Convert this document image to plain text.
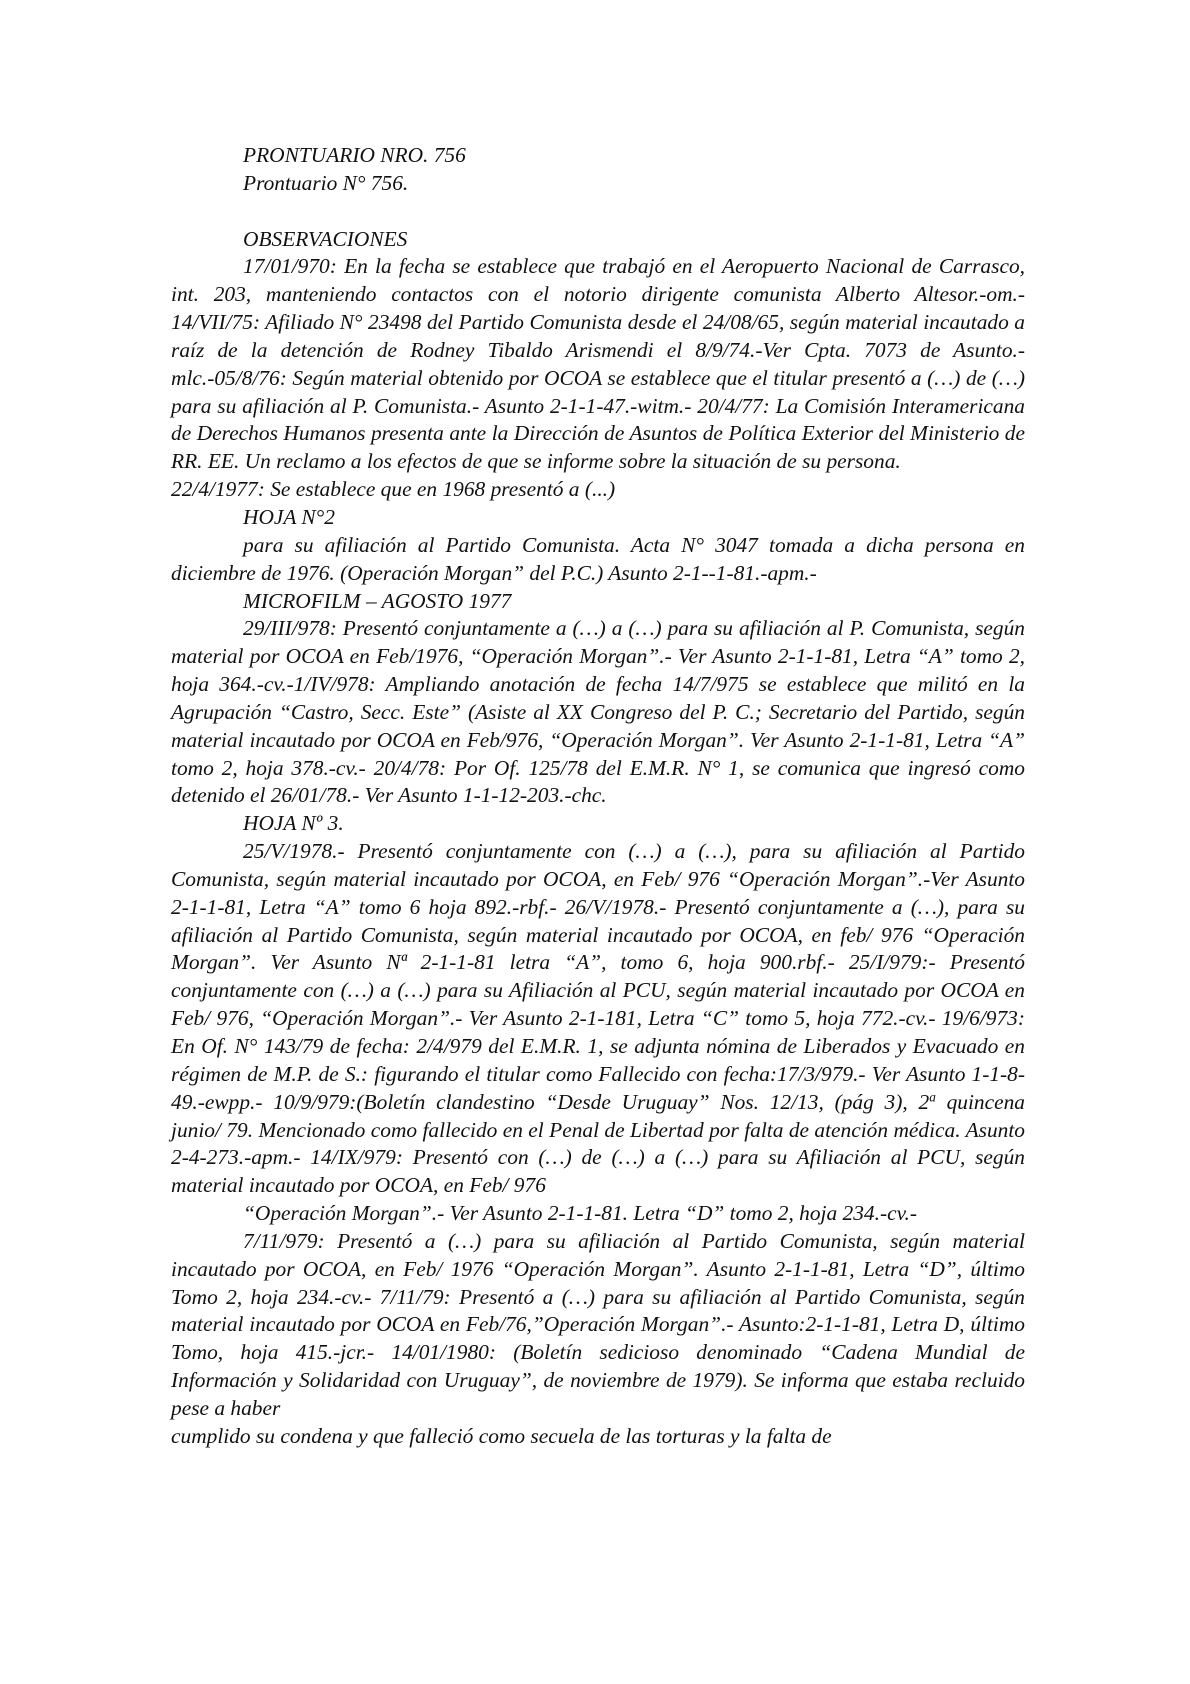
PRONTUARIO NRO. 756

Prontuario N° 756.

OBSERVACIONES

17/01/970: En la fecha se establece que trabajó en el Aeropuerto Nacional de Carrasco, int. 203, manteniendo contactos con el notorio dirigente comunista Alberto Altesor.-om.- 14/VII/75: Afiliado N° 23498 del Partido Comunista desde el 24/08/65, según material incautado a raíz de la detención de Rodney Tibaldo Arismendi el 8/9/74.-Ver Cpta. 7073 de Asunto.-mlc.-05/8/76: Según material obtenido por OCOA se establece que el titular presentó a (…) de (…) para su afiliación al P. Comunista.- Asunto 2-1-1-47.-witm.- 20/4/77: La Comisión Interamericana de Derechos Humanos presenta ante la Dirección de Asuntos de Política Exterior del Ministerio de RR. EE. Un reclamo a los efectos de que se informe sobre la situación de su persona.

22/4/1977: Se establece que en 1968 presentó a (...)

HOJA N°2

para su afiliación al Partido Comunista. Acta N° 3047 tomada a dicha persona en diciembre de 1976. (Operación Morgan” del P.C.) Asunto 2-1--1-81.-apm.-

MICROFILM – AGOSTO 1977

29/III/978: Presentó conjuntamente a (…) a (…) para su afiliación al P. Comunista, según material por OCOA en Feb/1976, “Operación Morgan”.- Ver Asunto 2-1-1-81, Letra “A” tomo 2, hoja 364.-cv.-1/IV/978: Ampliando anotación de fecha 14/7/975 se establece que militó en la Agrupación “Castro, Secc. Este” (Asiste al XX Congreso del P. C.; Secretario del Partido, según material incautado por OCOA en Feb/976, “Operación Morgan”. Ver Asunto 2-1-1-81, Letra “A” tomo 2, hoja 378.-cv.- 20/4/78: Por Of. 125/78 del E.M.R. N° 1, se comunica que ingresó como detenido el 26/01/78.- Ver Asunto 1-1-12-203.-chc.

HOJA Nº 3.

25/V/1978.- Presentó conjuntamente con (…) a (…), para su afiliación al Partido Comunista, según material incautado por OCOA, en Feb/ 976 “Operación Morgan”.-Ver Asunto 2-1-1-81, Letra “A” tomo 6 hoja 892.-rbf.- 26/V/1978.- Presentó conjuntamente a (…), para su afiliación al Partido Comunista, según material incautado por OCOA, en feb/ 976 “Operación Morgan”. Ver Asunto Nª 2-1-1-81 letra “A”, tomo 6, hoja 900.rbf.- 25/I/979:- Presentó conjuntamente con (…) a (…) para su Afiliación al PCU, según material incautado por OCOA en Feb/ 976, “Operación Morgan”.- Ver Asunto 2-1-181, Letra “C” tomo 5, hoja 772.-cv.- 19/6/973: En Of. N° 143/79 de fecha: 2/4/979 del E.M.R. 1, se adjunta nómina de Liberados y Evacuado en régimen de M.P. de S.: figurando el titular como Fallecido con fecha:17/3/979.- Ver Asunto 1-1-8-49.-ewpp.- 10/9/979:(Boletín clandestino “Desde Uruguay” Nos. 12/13, (pág 3), 2$^a$ quincena junio/ 79. Mencionado como fallecido en el Penal de Libertad por falta de atención médica. Asunto 2-4-273.-apm.- 14/IX/979: Presentó con (…) de (…) a (…) para su Afiliación al PCU, según material incautado por OCOA, en Feb/ 976

“Operación Morgan”.- Ver Asunto 2-1-1-81. Letra “D” tomo 2, hoja 234.-cv.-

7/11/979: Presentó a (…) para su afiliación al Partido Comunista, según material incautado por OCOA, en Feb/ 1976 “Operación Morgan”. Asunto 2-1-1-81, Letra “D”, último Tomo 2, hoja 234.-cv.- 7/11/79: Presentó a (…) para su afiliación al Partido Comunista, según material incautado por OCOA en Feb/76,”Operación Morgan”.- Asunto:2-1-1-81, Letra D, último Tomo, hoja 415.-jcr.- 14/01/1980: (Boletín sedicioso denominado “Cadena Mundial de Información y Solidaridad con Uruguay”, de noviembre de 1979). Se informa que estaba recluido pese a haber

cumplido su condena y que falleció como secuela de las torturas y la falta de
